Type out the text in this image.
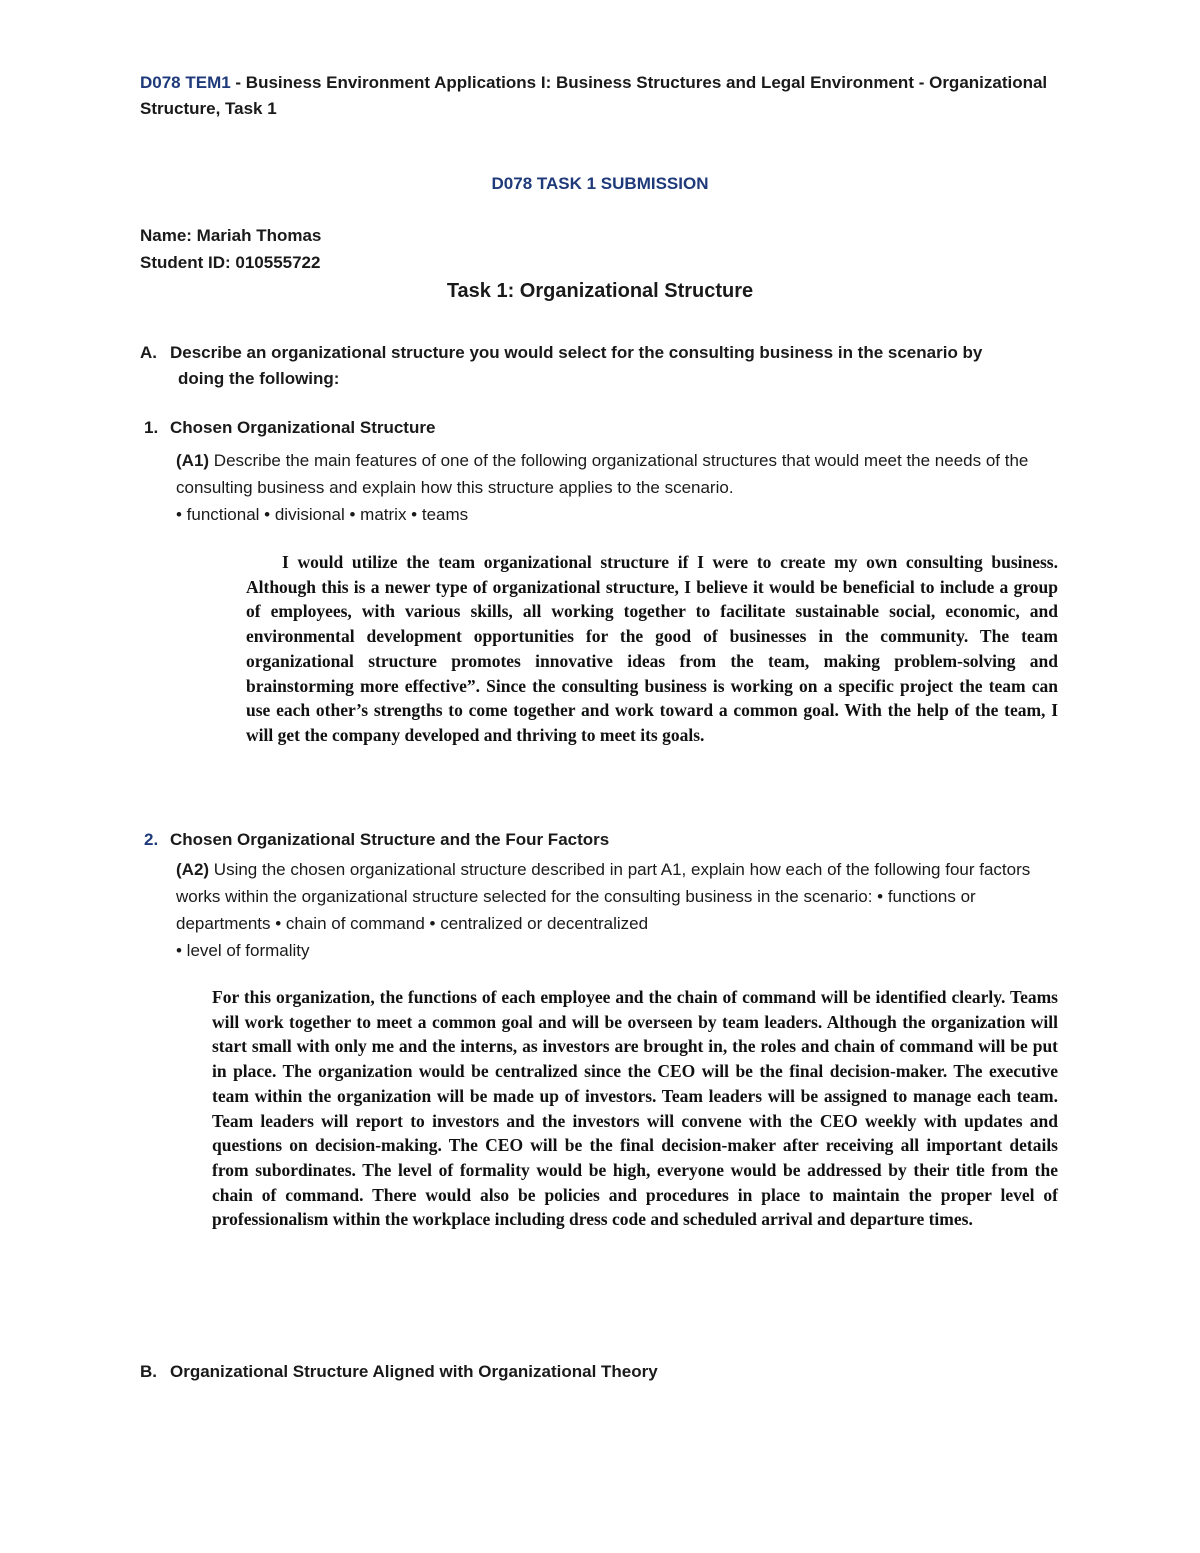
D078 TEM1 - Business Environment Applications I: Business Structures and Legal Environment - Organizational Structure, Task 1
D078 TASK 1 SUBMISSION
Name: Mariah Thomas
Student ID: 010555722
Task 1: Organizational Structure
A. Describe an organizational structure you would select for the consulting business in the scenario by
doing the following:
1. Chosen Organizational Structure
(A1) Describe the main features of one of the following organizational structures that would meet the needs of the consulting business and explain how this structure applies to the scenario.
• functional • divisional • matrix • teams
I would utilize the team organizational structure if I were to create my own consulting business. Although this is a newer type of organizational structure, I believe it would be beneficial to include a group of employees, with various skills, all working together to facilitate sustainable social, economic, and environmental development opportunities for the good of businesses in the community. The team organizational structure promotes innovative ideas from the team, making problem-solving and brainstorming more effective”. Since the consulting business is working on a specific project the team can use each other’s strengths to come together and work toward a common goal. With the help of the team, I will get the company developed and thriving to meet its goals.
2. Chosen Organizational Structure and the Four Factors
(A2) Using the chosen organizational structure described in part A1, explain how each of the following four factors works within the organizational structure selected for the consulting business in the scenario: • functions or departments • chain of command • centralized or decentralized
• level of formality
For this organization, the functions of each employee and the chain of command will be identified clearly. Teams will work together to meet a common goal and will be overseen by team leaders. Although the organization will start small with only me and the interns, as investors are brought in, the roles and chain of command will be put in place. The organization would be centralized since the CEO will be the final decision-maker. The executive team within the organization will be made up of investors. Team leaders will be assigned to manage each team. Team leaders will report to investors and the investors will convene with the CEO weekly with updates and questions on decision-making. The CEO will be the final decision-maker after receiving all important details from subordinates. The level of formality would be high, everyone would be addressed by their title from the chain of command. There would also be policies and procedures in place to maintain the proper level of professionalism within the workplace including dress code and scheduled arrival and departure times.
B. Organizational Structure Aligned with Organizational Theory
